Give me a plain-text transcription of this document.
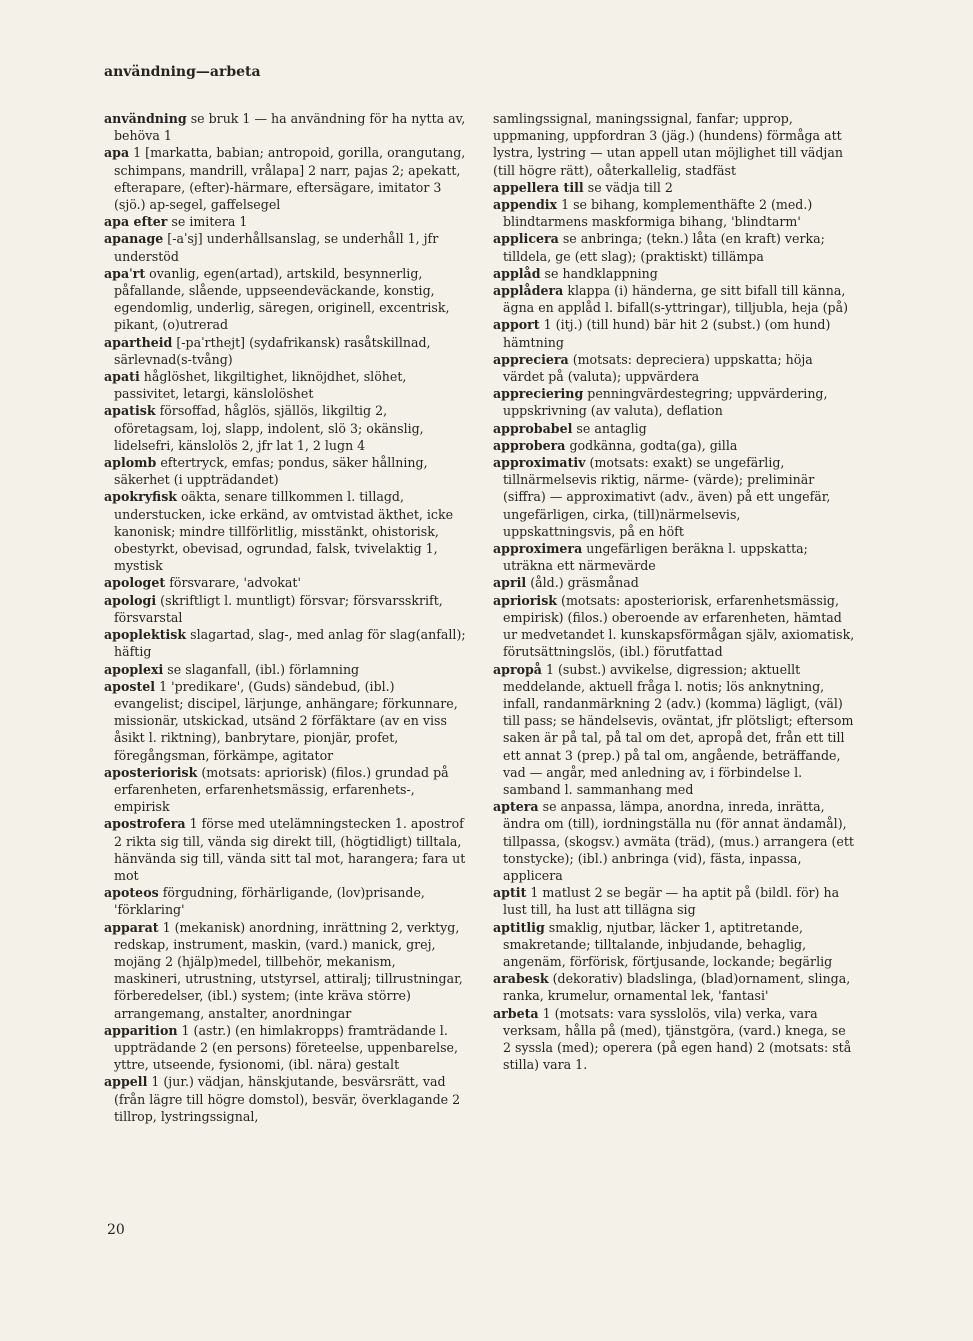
användning—arbeta

användning se bruk 1 — ha användning för ha nytta av, behöva 1

apa 1 [markatta, babian; antropoid, gorilla, orangutang, schimpans, mandrill, vrålapa] 2 narr, pajas 2; apekatt, efterapare, (efter)-härmare, eftersägare, imitator 3 (sjö.) ap-segel, gaffelsegel

apa efter se imitera 1

apanage [-aˈsj] underhållsanslag, se underhåll 1, jfr understöd

apaˈrt ovanlig, egen(artad), artskild, besynnerlig, påfallande, slående, uppseendeväckande, konstig, egendomlig, underlig, säregen, originell, excentrisk, pikant, (o)utrerad

apartheid [-paˈrthejt] (sydafrikansk) rasåtskillnad, särlevnad(s-tvång)

apati håglöshet, likgiltighet, liknöjdhet, slöhet, passivitet, letargi, känslolöshet

apatisk försoffad, håglös, själlös, likgiltig 2, oföretagsam, loj, slapp, indolent, slö 3; okänslig, lidelsefri, känslolös 2, jfr lat 1, 2 lugn 4

aplomb eftertryck, emfas; pondus, säker hållning, säkerhet (i uppträdandet)

apokryfisk oäkta, senare tillkommen l. tillagd, understucken, icke erkänd, av omtvistad äkthet, icke kanonisk; mindre tillförlitlig, misstänkt, ohistorisk, obestyrkt, obevisad, ogrundad, falsk, tvivelaktig 1, mystisk

apologet försvarare, 'advokat'

apologi (skriftligt l. muntligt) försvar; försvarsskrift, försvarstal

apoplektisk slagartad, slag-, med anlag för slag(anfall); häftig

apoplexi se slaganfall, (ibl.) förlamning

apostel 1 'predikare', (Guds) sändebud, (ibl.) evangelist; discipel, lärjunge, anhängare; förkunnare, missionär, utskickad, utsänd 2 förfäktare (av en viss åsikt l. riktning), banbrytare, pionjär, profet, föregångsman, förkämpe, agitator

aposteriorisk (motsats: apriorisk) (filos.) grundad på erfarenheten, erfarenhetsmässig, erfarenhets-, empirisk

apostrofera 1 förse med utelämningstecken 1. apostrof 2 rikta sig till, vända sig direkt till, (högtidligt) tilltala, hänvända sig till, vända sitt tal mot, harangera; fara ut mot

apoteos förgudning, förhärligande, (lov)prisande, 'förklaring'

apparat 1 (mekanisk) anordning, inrättning 2, verktyg, redskap, instrument, maskin, (vard.) manick, grej, mojäng 2 (hjälp)medel, tillbehör, mekanism, maskineri, utrustning, utstyrsel, attiralj; tillrustningar, förberedelser, (ibl.) system; (inte kräva större) arrangemang, anstalter, anordningar

apparition 1 (astr.) (en himlakropps) framträdande l. uppträdande 2 (en persons) företeelse, uppenbarelse, yttre, utseende, fysionomi, (ibl. nära) gestalt

appell 1 (jur.) vädjan, hänskjutande, besvärsrätt, vad (från lägre till högre domstol), besvär, överklagande 2 tillrop, lystringssignal,

samlingssignal, maningssignal, fanfar; upprop, uppmaning, uppfordran 3 (jäg.) (hundens) förmåga att lystra, lystring — utan appell utan möjlighet till vädjan (till högre rätt), oåterkallelig, stadfäst

appellera till se vädja till 2

appendix 1 se bihang, komplementhäfte 2 (med.) blindtarmens maskformiga bihang, 'blindtarm'

applicera se anbringa; (tekn.) låta (en kraft) verka; tilldela, ge (ett slag); (praktiskt) tillämpa

applåd se handklappning

applådera klappa (i) händerna, ge sitt bifall till känna, ägna en applåd l. bifall(s-yttringar), tilljubla, heja (på)

apport 1 (itj.) (till hund) bär hit 2 (subst.) (om hund) hämtning

appreciera (motsats: depreciera) uppskatta; höja värdet på (valuta); uppvärdera

appreciering penningvärdestegring; uppvärdering, uppskrivning (av valuta), deflation

approbabel se antaglig

approbera godkänna, godta(ga), gilla

approximativ (motsats: exakt) se ungefärlig, tillnärmelsevis riktig, närme- (värde); preliminär (siffra) — approximativt (adv., även) på ett ungefär, ungefärligen, cirka, (till)närmelsevis, uppskattningsvis, på en höft

approximera ungefärligen beräkna l. uppskatta; uträkna ett närmevärde

april (åld.) gräsmånad

apriorisk (motsats: aposteriorisk, erfarenhetsmässig, empirisk) (filos.) oberoende av erfarenheten, hämtad ur medvetandet l. kunskapsförmågan själv, axiomatisk, förutsättningslös, (ibl.) förutfattad

apropå 1 (subst.) avvikelse, digression; aktuellt meddelande, aktuell fråga l. notis; lös anknytning, infall, randanmärkning 2 (adv.) (komma) lägligt, (väl) till pass; se händelsevis, oväntat, jfr plötsligt; eftersom saken är på tal, på tal om det, apropå det, från ett till ett annat 3 (prep.) på tal om, angående, beträffande, vad — angår, med anledning av, i förbindelse l. samband l. sammanhang med

aptera se anpassa, lämpa, anordna, inreda, inrätta, ändra om (till), iordningställa nu (för annat ändamål), tillpassa, (skogsv.) avmäta (träd), (mus.) arrangera (ett tonstycke); (ibl.) anbringa (vid), fästa, inpassa, applicera

aptit 1 matlust 2 se begär — ha aptit på (bildl. för) ha lust till, ha lust att tillägna sig

aptitlig smaklig, njutbar, läcker 1, aptitretande, smakretande; tilltalande, inbjudande, behaglig, angenäm, förförisk, förtjusande, lockande; begärlig

arabesk (dekorativ) bladslinga, (blad)ornament, slinga, ranka, krumelur, ornamental lek, 'fantasi'

arbeta 1 (motsats: vara sysslolös, vila) verka, vara verksam, hålla på (med), tjänstgöra, (vard.) knega, se 2 syssla (med); operera (på egen hand) 2 (motsats: stå stilla) vara 1.

20
